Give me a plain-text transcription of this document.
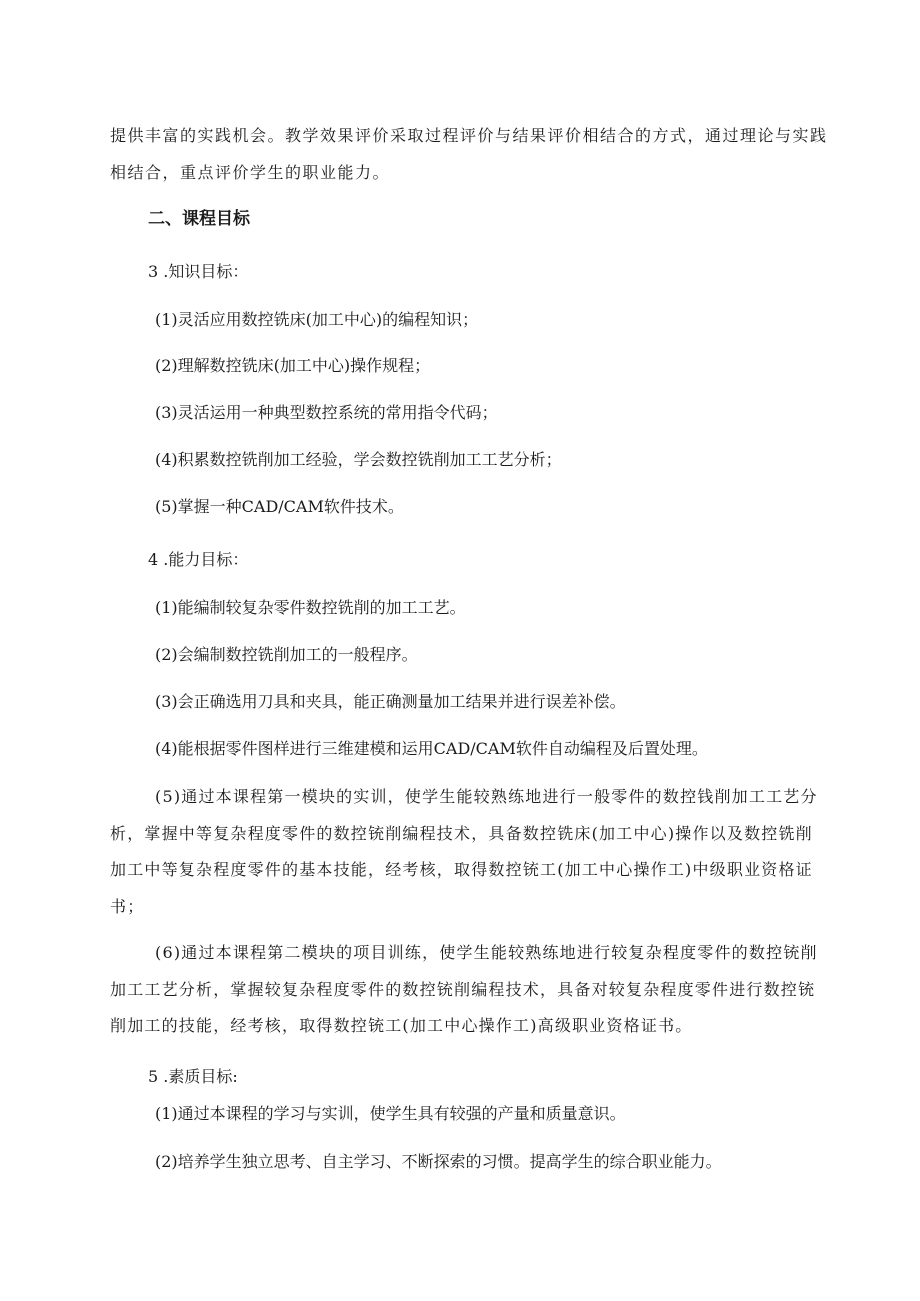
提供丰富的实践机会。教学效果评价采取过程评价与结果评价相结合的方式，通过理论与实践
相结合，重点评价学生的职业能力。
二、课程目标
3 .知识目标：
(1)灵活应用数控铣床(加工中心)的编程知识；
(2)理解数控铣床(加工中心)操作规程；
(3)灵活运用一种典型数控系统的常用指令代码；
(4)积累数控铣削加工经验，学会数控铣削加工工艺分析；
(5)掌握一种CAD/CAM软件技术。
4 .能力目标：
(1)能编制较复杂零件数控铣削的加工工艺。
(2)会编制数控铣削加工的一般程序。
(3)会正确选用刀具和夹具，能正确测量加工结果并进行误差补偿。
(4)能根据零件图样进行三维建模和运用CAD/CAM软件自动编程及后置处理。
(5)通过本课程第一模块的实训，使学生能较熟练地进行一般零件的数控钱削加工工艺分
析，掌握中等复杂程度零件的数控铳削编程技术，具备数控铣床(加工中心)操作以及数控铣削
加工中等复杂程度零件的基本技能，经考核，取得数控铳工(加工中心操作工)中级职业资格证
书；
(6)通过本课程第二模块的项目训练，使学生能较熟练地进行较复杂程度零件的数控铳削
加工工艺分析，掌握较复杂程度零件的数控铳削编程技术，具备对较复杂程度零件进行数控铳
削加工的技能，经考核，取得数控铳工(加工中心操作工)高级职业资格证书。
5 .素质目标:
(1)通过本课程的学习与实训，使学生具有较强的产量和质量意识。
(2)培养学生独立思考、自主学习、不断探索的习惯。提高学生的综合职业能力。
